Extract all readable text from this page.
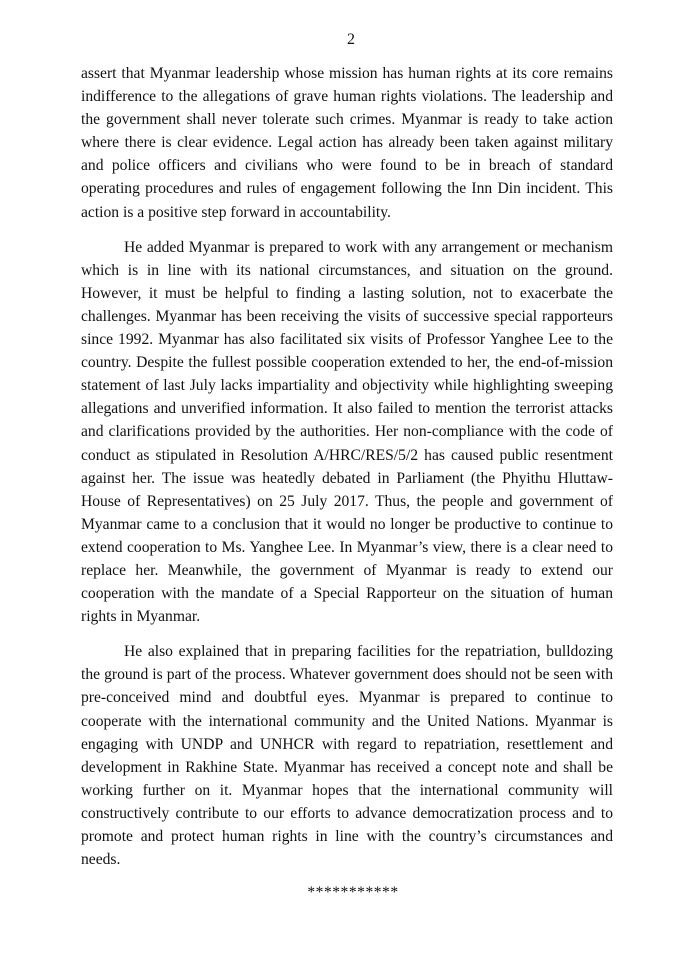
2

assert that Myanmar leadership whose mission has human rights at its core remains indifference to the allegations of grave human rights violations. The leadership and the government shall never tolerate such crimes. Myanmar is ready to take action where there is clear evidence. Legal action has already been taken against military and police officers and civilians who were found to be in breach of standard operating procedures and rules of engagement following the Inn Din incident. This action is a positive step forward in accountability.

He added Myanmar is prepared to work with any arrangement or mechanism which is in line with its national circumstances, and situation on the ground. However, it must be helpful to finding a lasting solution, not to exacerbate the challenges. Myanmar has been receiving the visits of successive special rapporteurs since 1992. Myanmar has also facilitated six visits of Professor Yanghee Lee to the country. Despite the fullest possible cooperation extended to her, the end-of-mission statement of last July lacks impartiality and objectivity while highlighting sweeping allegations and unverified information. It also failed to mention the terrorist attacks and clarifications provided by the authorities. Her non-compliance with the code of conduct as stipulated in Resolution A/HRC/RES/5/2 has caused public resentment against her. The issue was heatedly debated in Parliament (the Phyithu Hluttaw-House of Representatives) on 25 July 2017. Thus, the people and government of Myanmar came to a conclusion that it would no longer be productive to continue to extend cooperation to Ms. Yanghee Lee. In Myanmar’s view, there is a clear need to replace her. Meanwhile, the government of Myanmar is ready to extend our cooperation with the mandate of a Special Rapporteur on the situation of human rights in Myanmar.

He also explained that in preparing facilities for the repatriation, bulldozing the ground is part of the process. Whatever government does should not be seen with pre-conceived mind and doubtful eyes. Myanmar is prepared to continue to cooperate with the international community and the United Nations. Myanmar is engaging with UNDP and UNHCR with regard to repatriation, resettlement and development in Rakhine State. Myanmar has received a concept note and shall be working further on it. Myanmar hopes that the international community will constructively contribute to our efforts to advance democratization process and to promote and protect human rights in line with the country’s circumstances and needs.

***********
